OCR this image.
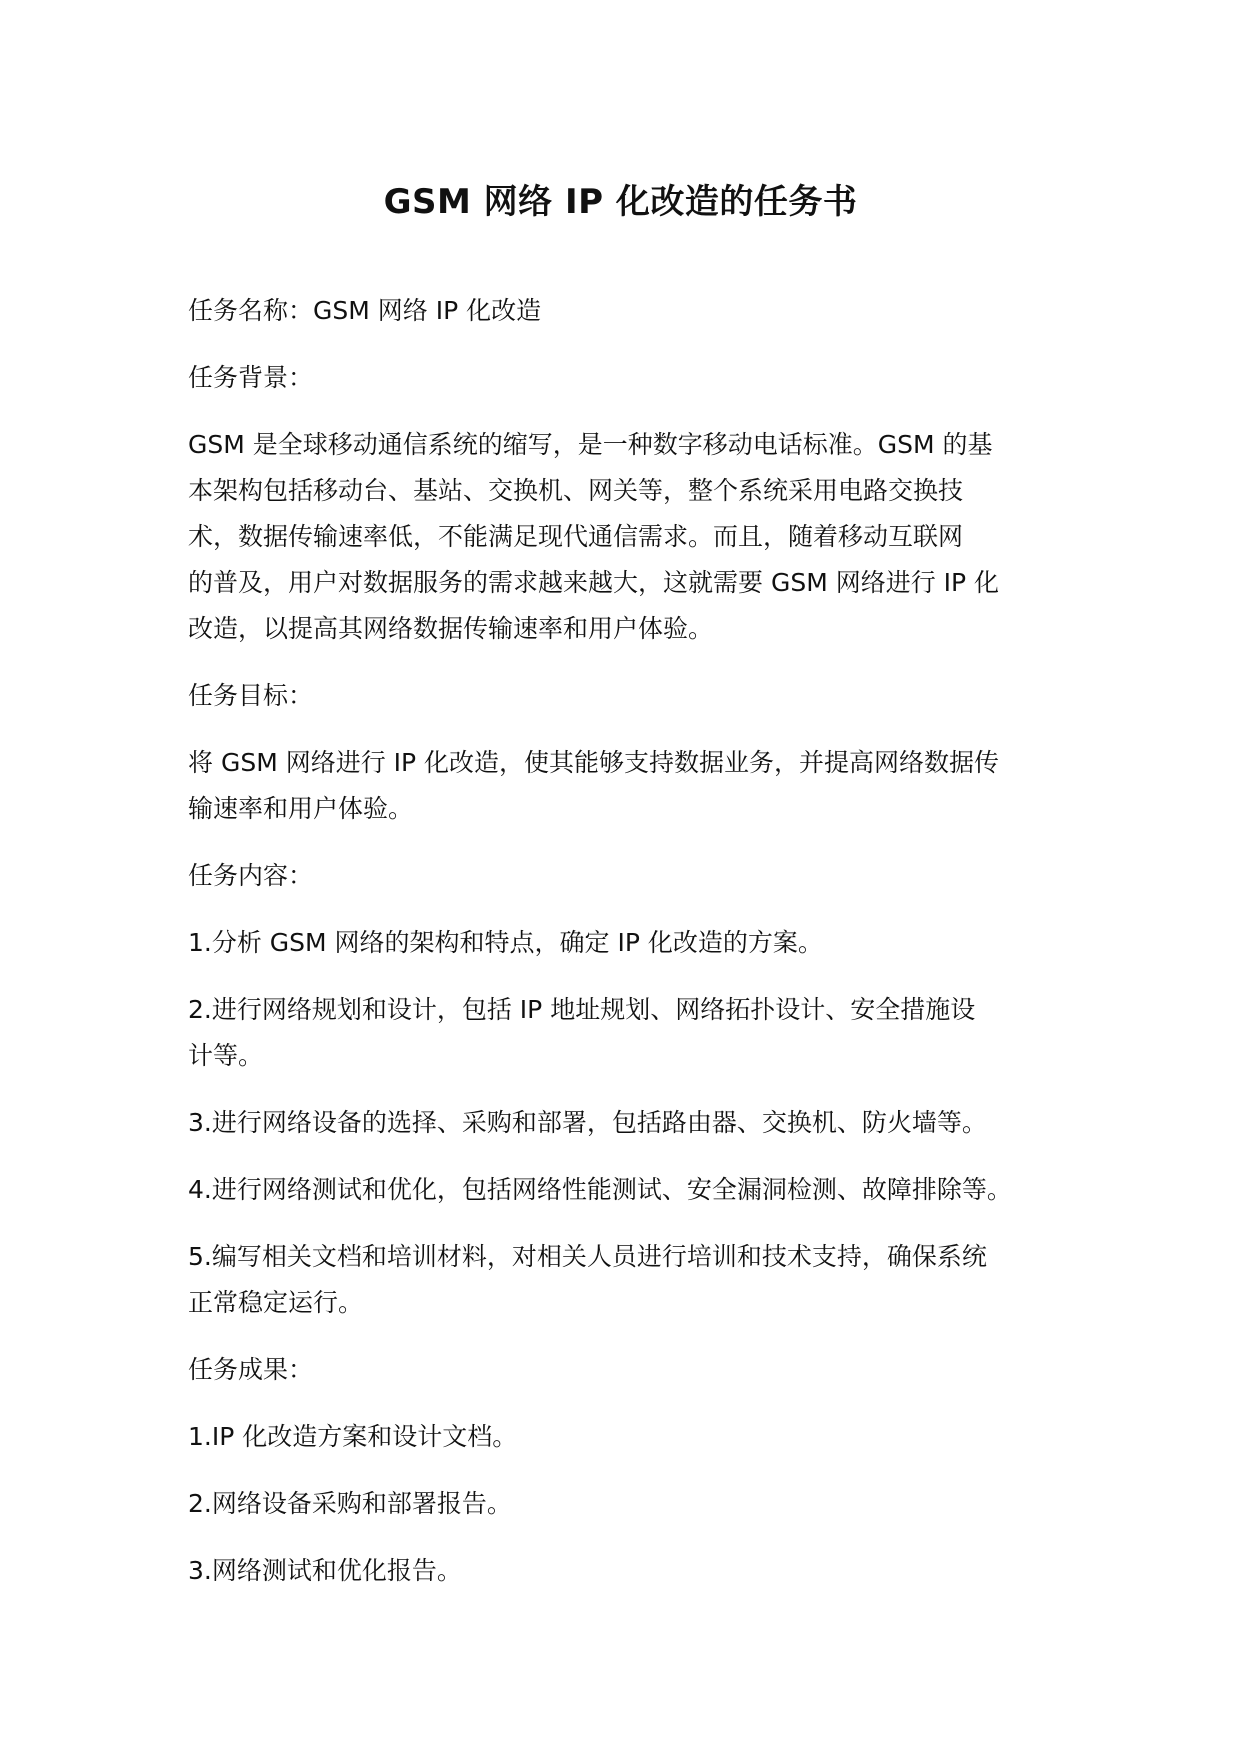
GSM 网络 IP 化改造的任务书

任务名称：GSM 网络 IP 化改造

任务背景：

GSM 是全球移动通信系统的缩写，是一种数字移动电话标准。GSM 的基
本架构包括移动台、基站、交换机、网关等，整个系统采用电路交换技
术，数据传输速率低，不能满足现代通信需求。而且，随着移动互联网
的普及，用户对数据服务的需求越来越大，这就需要 GSM 网络进行 IP 化
改造，以提高其网络数据传输速率和用户体验。

任务目标：

将 GSM 网络进行 IP 化改造，使其能够支持数据业务，并提高网络数据传
输速率和用户体验。

任务内容：

1.分析 GSM 网络的架构和特点，确定 IP 化改造的方案。

2.进行网络规划和设计，包括 IP 地址规划、网络拓扑设计、安全措施设
计等。

3.进行网络设备的选择、采购和部署，包括路由器、交换机、防火墙等。

4.进行网络测试和优化，包括网络性能测试、安全漏洞检测、故障排除等。

5.编写相关文档和培训材料，对相关人员进行培训和技术支持，确保系统
正常稳定运行。

任务成果：

1.IP 化改造方案和设计文档。

2.网络设备采购和部署报告。

3.网络测试和优化报告。
